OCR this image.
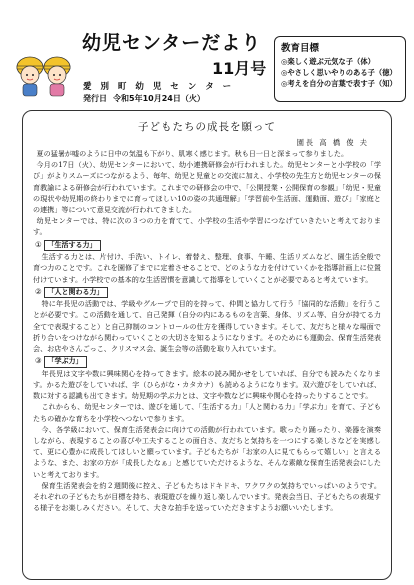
幼児センターだより
11月号
愛 別 町 幼 児 セ ン タ ー
発行日 令和5年10月24日（火）
教育目標
◎楽しく遊ぶ元気な子（体）
◎やさしく思いやりのある子（徳）
◎考えを自分の言葉で表す子（知）
子どもたちの成長を願って
園長 高 橋 俊 夫

夏の猛暑が嘘のように日中の気温も下がり、肌寒く感じます。秋も日一日と深まって参りました。

今月の17日（火）、幼児センターにおいて、幼小連携研修会が行われました。幼児センターと小学校の「学び」がよりスムーズにつながるよう、毎年、幼児と児童との交流に加え、小学校の先生方と幼児センターの保育教諭による研修会が行われています。これまでの研修会の中で、「公開授業・公開保育の参観」「幼児・児童の現状や幼児期の終わりまでに育ってほしい10の姿の共通理解」「学習前や生活面、運動面、遊び」「家庭との連携」等について意見交流が行われてきました。

幼児センターでは、特に次の３つの力を育てて、小学校の生活や学習につなげていきたいと考えております。

① 「生活する力」

生活する力とは、片付け、手洗い、トイレ、着替え、整理、食事、午睡、生活リズムなど、園生活全般で育つ力のことです。これを園修了までに定着させることで、どのような力を付けていくかを指導計画上に位置付けています。小学校での基本的な生活習慣を意識して指導をしていくことが必要であると考えています。

② 「人と関わる力」

特に年長児の活動では、学級やグループで目的を持って、仲間と協力して行う「協同的な活動」を行うことが必要です。この活動を通して、自己発揮（自分の内にあるものを言葉、身体、リズム等、自分が持てる力全てで表現すること）と自己抑制のコントロールの仕方を獲得していきます。そして、友だちと様々な場面で折り合いをつけながら関わっていくことの大切さを知るようになります。そのためにも運動会、保育生活発表会、お店やさんごっこ、クリスマス会、誕生会等の活動を取り入れています。

③ 「学ぶ力」

年長児は文字や数に興味関心を持ってきます。絵本の読み聞かせをしていれば、自分でも読みたくなります。かるた遊びをしていれば、字（ひらがな・カタカナ）も読めるようになります。双六遊びをしていれば、数に対する認識も出てきます。幼児期の学ぶ力とは、文字や数などに興味や関心を持ったりすることです。

これからも、幼児センターでは、遊びを通して、「生活する力」「人と関わる力」「学ぶ力」を育て、子どもたちの確かな育ちを小学校へつないで参ります。

今、各学級において、保育生活発表会に向けての活動が行われています。歌ったり踊ったり、楽器を演奏しながら、表現することの喜びや工夫することの面白さ、友だちと気持ちを一つにする楽しさなどを実感して、更に心豊かに成長してほしいと願っています。子どもたちが「お家の人に見てもらって嬉しい」と言えるような、また、お家の方が「成長したなぁ」と感じていただけるような、そんな素敵な保育生活発表会にしたいと考えております。

保育生活発表会を約２週間後に控え、子どもたちはドキドキ、ワクワクの気持ちでいっぱいのようです。それぞれの子どもたちが目標を持ち、表現遊びを繰り返し楽しんでいます。発表会当日、子どもたちの表現する様子をお楽しみください。そして、大きな拍手を送っていただきますようお願いいたします。
